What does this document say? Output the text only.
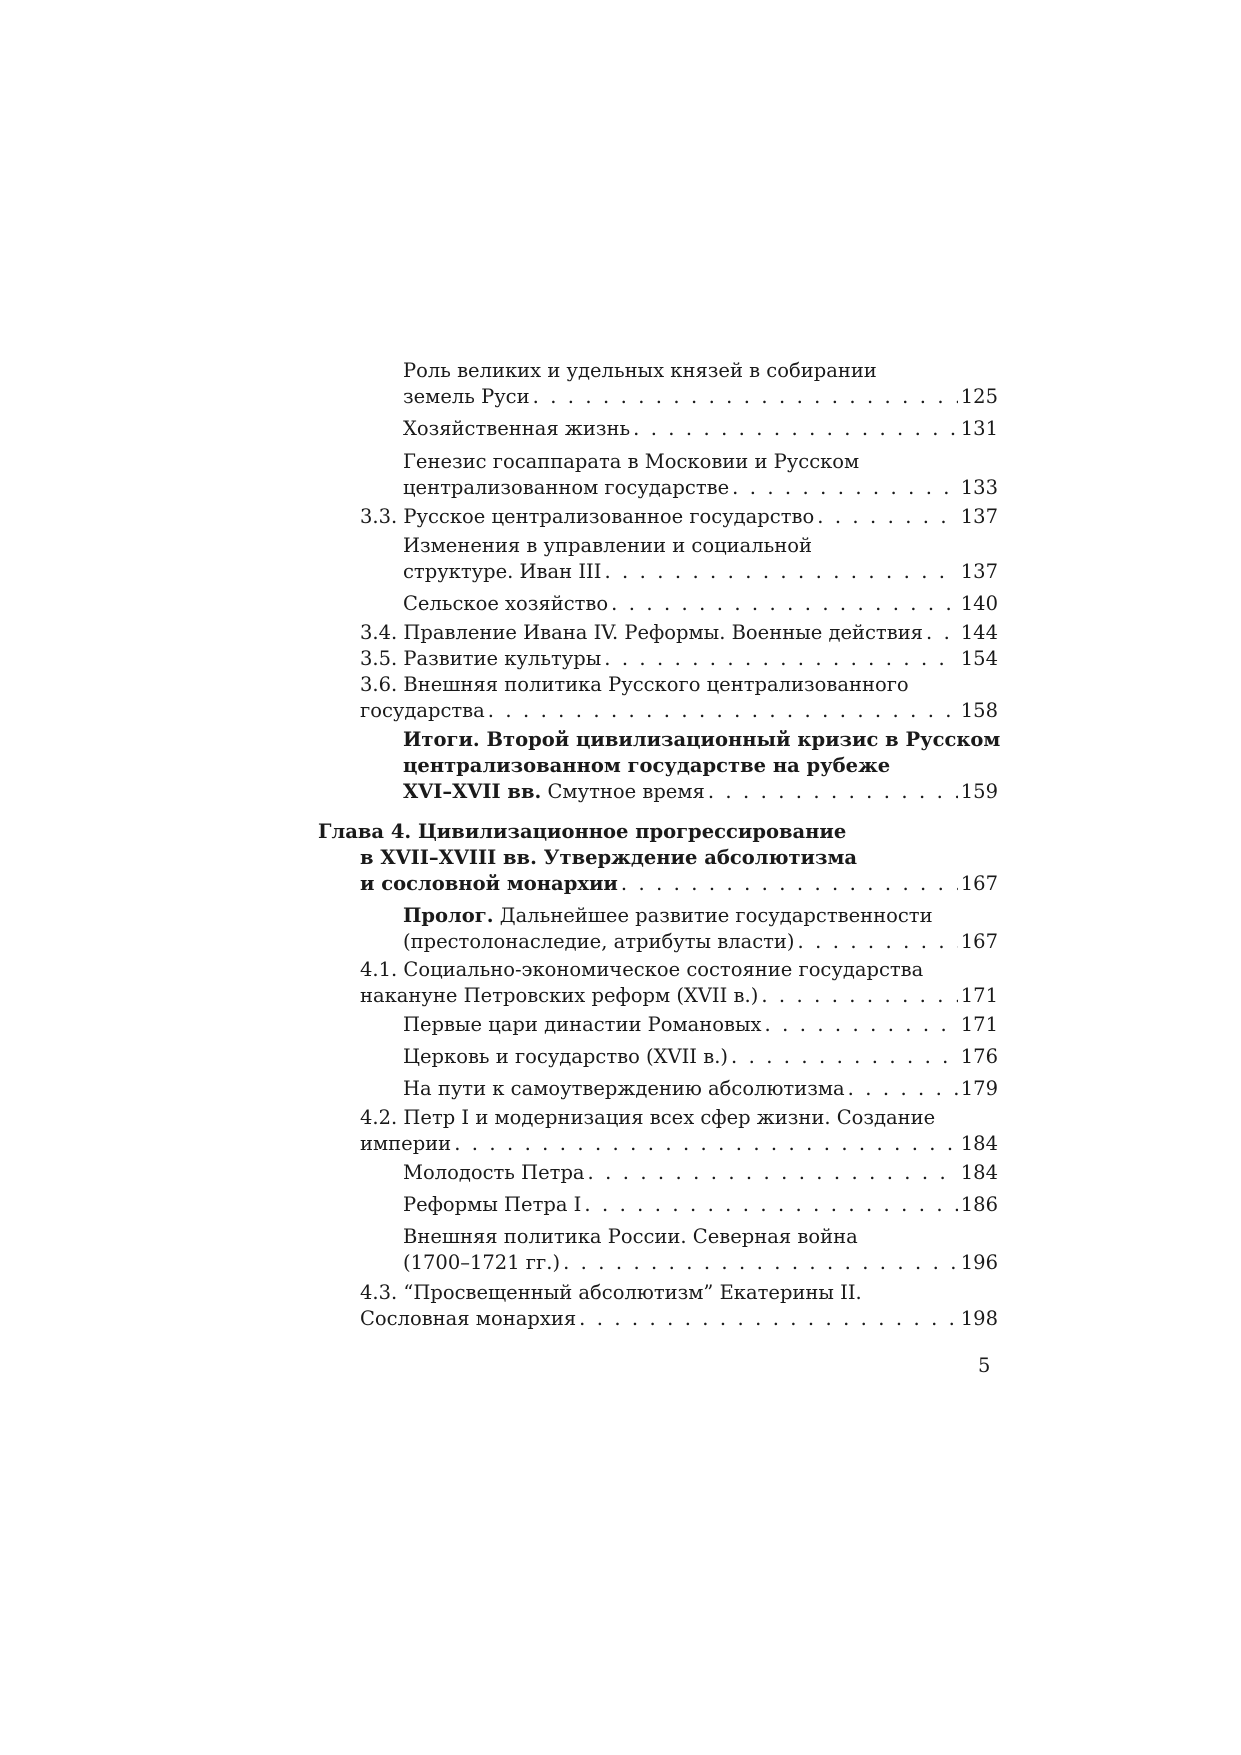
Роль великих и удельных князей в собирании
земель Руси . . .	125
Хозяйственная жизнь . . .	131
Генезис госаппарата в Московии и Русском
централизованном государстве . . .	133
3.3. Русское централизованное государство . . .	137
Изменения в управлении и социальной
структуре. Иван III . . .	137
Сельское хозяйство . . .	140
3.4. Правление Ивана IV. Реформы. Военные действия . . . 144
3.5. Развитие культуры . . .	154
3.6. Внешняя политика Русского централизованного
государства . . .	158
Итоги. Второй цивилизационный кризис в Русском
централизованном государстве на рубеже
XVI–XVII вв. Смутное время . . .	159
Глава 4. Цивилизационное прогрессирование
в XVII–XVIII вв. Утверждение абсолютизма
и сословной монархии . . .	167
Пролог. Дальнейшее развитие государственности
(престолонаследие, атрибуты власти) . . .	167
4.1. Социально-экономическое состояние государства
накануне Петровских реформ (XVII в.) . . .	171
Первые цари династии Романовых . . .	171
Церковь и государство (XVII в.) . . .	176
На пути к самоутверждению абсолютизма . . .	179
4.2. Петр I и модернизация всех сфер жизни. Создание
империи . . .	184
Молодость Петра . . .	184
Реформы Петра I . . .	186
Внешняя политика России. Северная война
(1700–1721 гг.) . . .	196
4.3. “Просвещенный абсолютизм” Екатерины II.
Сословная монархия . . .	198
5
